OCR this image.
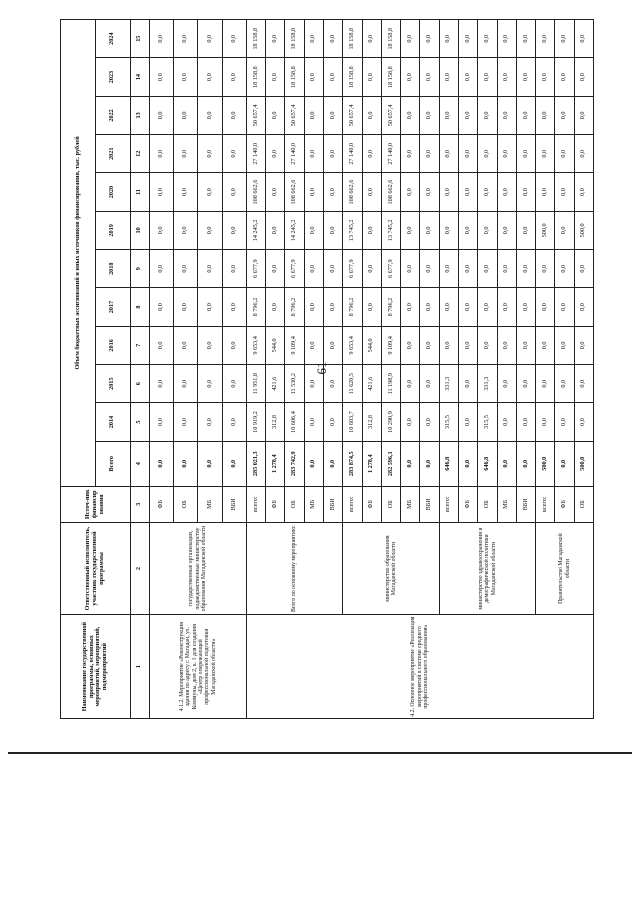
61
Наименование государственной программы, основных мероприятий, мероприятий, подмероприятий	Ответственный исполнитель, участник государственной программы	Источ-ник финансир ования	Объем бюджетных ассигнований и иных источников финансирования, тыс. рублей											
			Всего	2014	2015	2016	2017	2018	2019	2020	2021	2022	2023	2024
1	2	3	4	5	6	7	8	9	10	11	12	13	14	15
4.1.2. Мероприятие «Реконструкция здания по адресу г. Магадан, ул. Коммуны, дом 2, к. 1 для создания «Центр опережающей профессиональной подготовки Магаданской области»	государственные организации, подведомственные министерству образования Магаданской области	ФБ	0,0	0,0	0,0	0,0	0,0	0,0	0,0	0,0	0,0	0,0	0,0	0,0
		ОБ	0,0	0,0	0,0	0,0	0,0	0,0	0,0	0,0	0,0	0,0	0,0	0,0
		МБ	0,0	0,0	0,0	0,0	0,0	0,0	0,0	0,0	0,0	0,0	0,0	0,0
		ВБИ	0,0	0,0	0,0	0,0	0,0	0,0	0,0	0,0	0,0	0,0	0,0	0,0
4.2. Основное мероприятие «Реализация мероприятий в системе среднего профессионального образования»	Всего по основному мероприятию:	всего:	285 021,3	10 919,2	11 951,8	9 653,4	8 796,2	6 677,9	14 245,2	108 662,6	27 140,0	50 657,4	18 158,8	18 158,8
		ФБ	1 278,4	312,8	421,6	544,0	0,0	0,0	0,0	0,0	0,0	0,0	0,0	0,0
		ОБ	283 742,9	10 606,4	11 530,2	9 109,4	8 796,2	6 677,9	14 245,2	108 662,6	27 140,0	50 657,4	18 158,8	18 158,8
		МБ	0,0	0,0	0,0	0,0	0,0	0,0	0,0	0,0	0,0	0,0	0,0	0,0
		ВБИ	0,0	0,0	0,0	0,0	0,0	0,0	0,0	0,0	0,0	0,0	0,0	0,0
	министерство образования Магаданской области	всего:	283 874,5	10 603,7	11 620,5	9 653,4	8 796,2	6 677,9	13 745,2	108 662,6	27 140,0	50 657,4	18 158,8	18 158,8
		ФБ	1 278,4	312,8	421,6	544,0	0,0	0,0	0,0	0,0	0,0	0,0	0,0	0,0
		ОБ	282 596,1	10 290,9	11 198,9	9 109,4	8 796,2	6 677,9	13 745,2	108 662,6	27 140,0	50 657,4	18 158,8	18 158,8
		МБ	0,0	0,0	0,0	0,0	0,0	0,0	0,0	0,0	0,0	0,0	0,0	0,0
		ВБИ	0,0	0,0	0,0	0,0	0,0	0,0	0,0	0,0	0,0	0,0	0,0	0,0
	министерство здравоохранения и демографической политики Магаданской области	всего:	646,8	315,5	331,3	0,0	0,0	0,0	0,0	0,0	0,0	0,0	0,0	0,0
		ФБ	0,0	0,0	0,0	0,0	0,0	0,0	0,0	0,0	0,0	0,0	0,0	0,0
		ОБ	646,8	315,5	331,3	0,0	0,0	0,0	0,0	0,0	0,0	0,0	0,0	0,0
		МБ	0,0	0,0	0,0	0,0	0,0	0,0	0,0	0,0	0,0	0,0	0,0	0,0
		ВБИ	0,0	0,0	0,0	0,0	0,0	0,0	0,0	0,0	0,0	0,0	0,0	0,0
	Правительство Магаданской области	всего:	500,0	0,0	0,0	0,0	0,0	0,0	500,0	0,0	0,0	0,0	0,0	0,0
		ФБ	0,0	0,0	0,0	0,0	0,0	0,0	0,0	0,0	0,0	0,0	0,0	0,0
		ОБ	500,0	0,0	0,0	0,0	0,0	0,0	500,0	0,0	0,0	0,0	0,0	0,0
